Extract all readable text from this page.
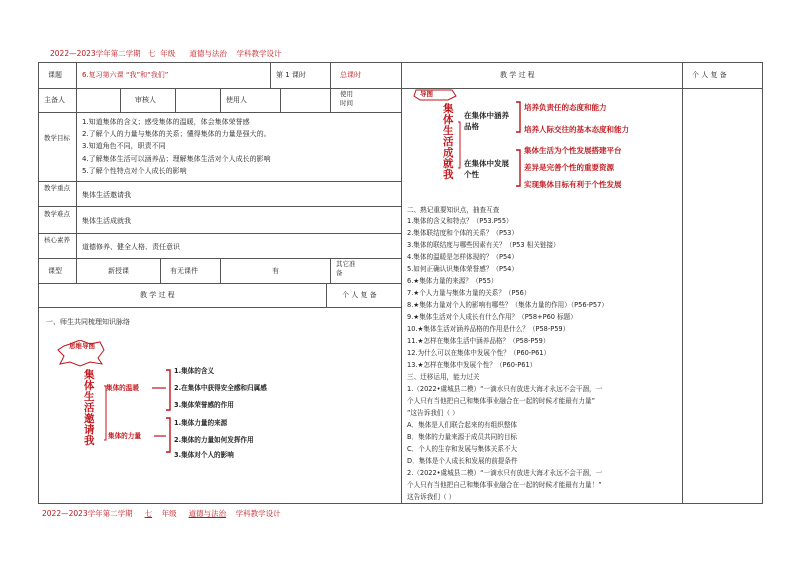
2022—2023学年第二学期 七 年级 道德与法治 学科教学设计
课题	6.复习第六课 “我”和“我们”	第 1 课时	总课时
主备人	审核人	使用人
使用时间
教学目标
1.知道集体的含义；感受集体的温暖，体会集体荣誉感
2.了解个人的力量与集体的关系；懂得集体的力量是强大的。
3.知道角色不同，职责不同
4.了解集体生活可以涵养品；理解集体生活对个人成长的影响
5.了解个性特点对个人成长的影响
教学重点
集体生活邀请我
教学难点
集体生活成就我
核心素养
道德修养、健全人格、责任意识
课型	新授课	有无课件	有
其它准备
教 学 过 程	个 人 复 备
一、师生共同梳理知识脉络
思维导图
集体生活邀请我
集体的温暖
1.集体的含义
2.在集体中获得安全感和归属感
3.集体荣誉感的作用
集体的力量
1.集体力量的来源
2.集体的力量如何发挥作用
3.集体对个人的影响
教 学 过 程	个 人 复 备
导图
集体生活成就我
在集体中涵养品格
培养负责任的态度和能力
培养人际交往的基本态度和能力
在集体中发展个性
集体生活为个性发展搭建平台
差异是完善个性的重要资源
实现集体目标有利于个性发展
二、熟记重要知识点，抽查互查
1.集体的含义和特点？（P53.P55）
2.集体联结度和个体的关系？（P53）
3.集体的联结度与哪些因素有关？（P53 相关链接）
4.集体的温暖是怎样体现的？（P54）
5.如何正确认识集体荣誉感？（P54）
6.★集体力量的来源？（P55）
7.★个人力量与集体力量的关系？（P56）
8.★集体力量对个人的影响有哪些？（集体力量的作用）（P56-P57）
9.★集体生活对个人成长有什么作用？（P58+P60 标题）
10.★集体生活对涵养品格的作用是什么？（P58-P59）
11.★怎样在集体生活中涵养品格？（P58-P59）
12.为什么可以在集体中发展个性？（P60-P61）
13.★怎样在集体中发展个性？（P60-P61）
三、迁移运用，能力过关
1.（2022•虞城县二模）“一滴水只有放进大海才永远不会干涸，一
个人只有当他把自己和集体事业融合在一起的时候才能最有力量”
”这告诉我们（ ）
A．集体是人们联合起来的有组织整体
B．集体的力量来源于成员共同的目标
C．个人的生存和发展与集体关系不大
D．集体是个人成长和发展的前提条件
2.（2022•虞城县二模）“一滴水只有放进大海才永远不会干涸，一
个人只有当他把自己和集体事业融合在一起的时候才能最有力量！”
这告诉我们（ ）
2022—2023学年第二学期 七 年级 道德与法治 学科教学设计
